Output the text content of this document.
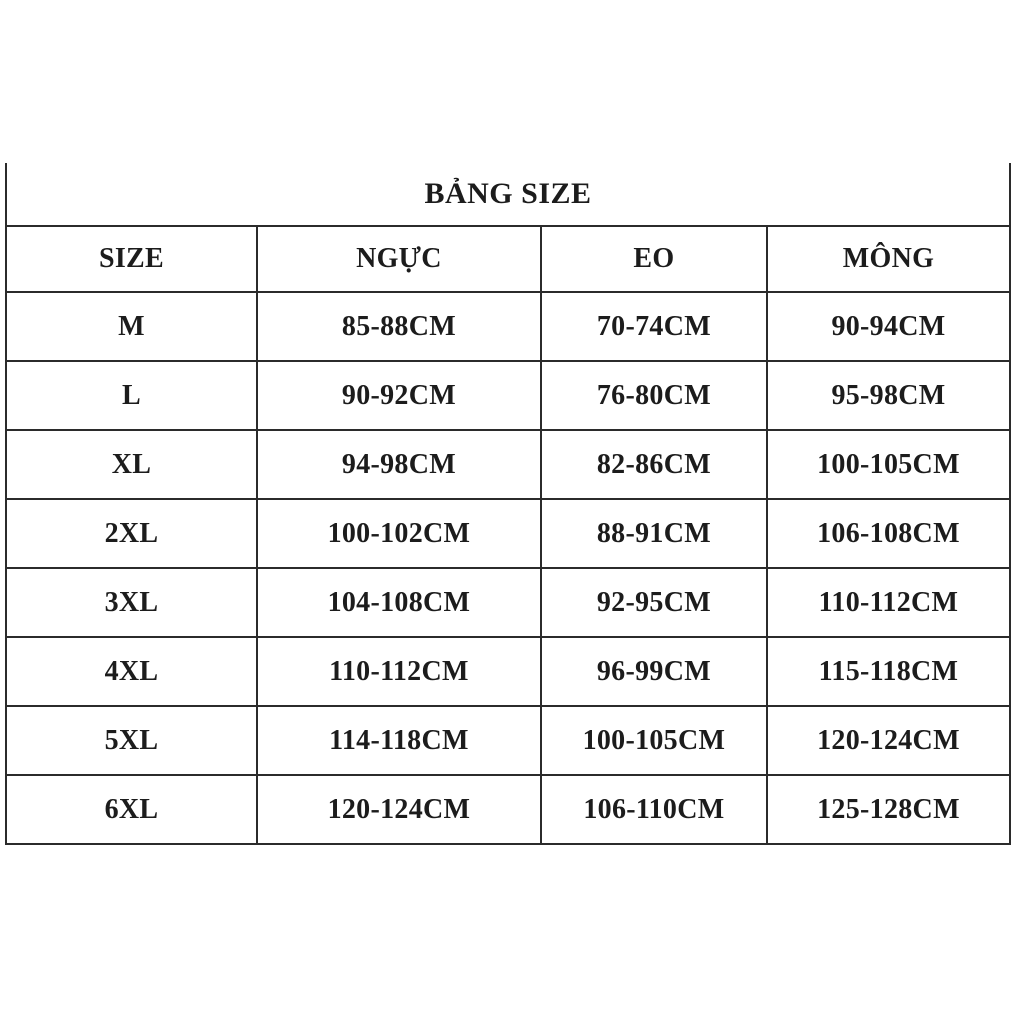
BẢNG SIZE
SIZE	NGỰC	EO	MÔNG
M	85-88CM	70-74CM	90-94CM
L	90-92CM	76-80CM	95-98CM
XL	94-98CM	82-86CM	100-105CM
2XL	100-102CM	88-91CM	106-108CM
3XL	104-108CM	92-95CM	110-112CM
4XL	110-112CM	96-99CM	115-118CM
5XL	114-118CM	100-105CM	120-124CM
6XL	120-124CM	106-110CM	125-128CM
